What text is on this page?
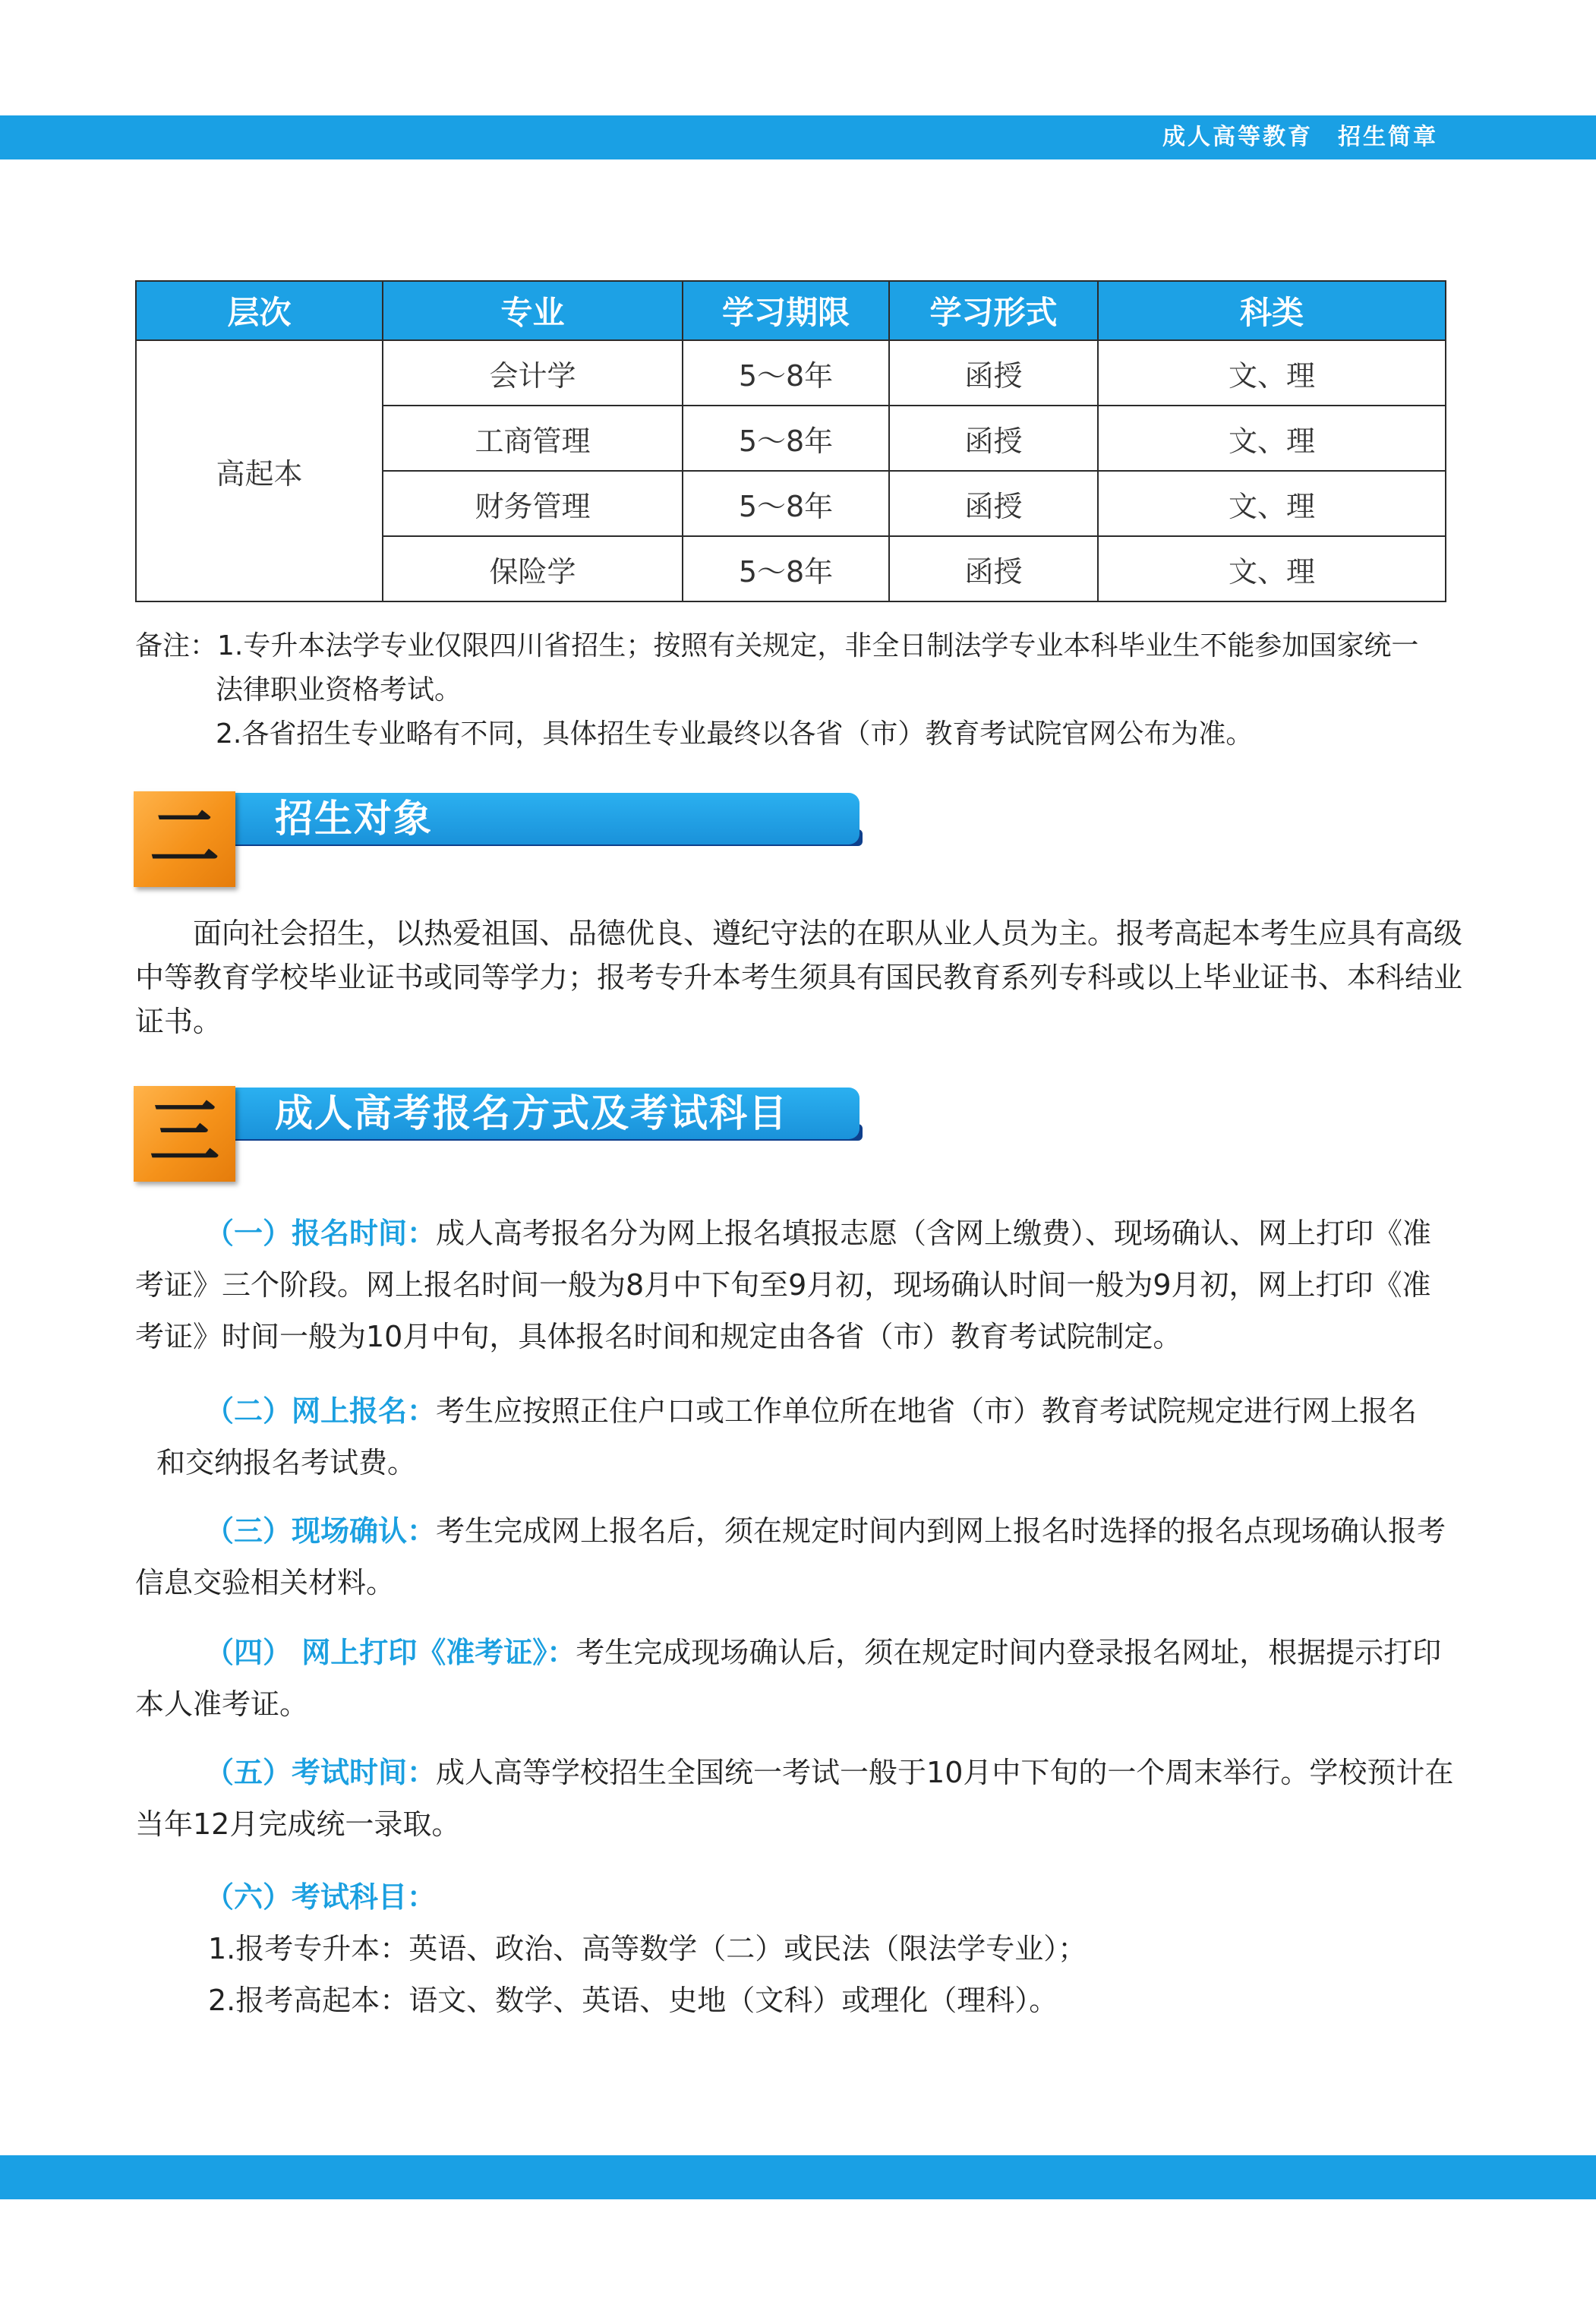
成人高等教育　招生简章
层次	专业	学习期限	学习形式	科类
高起本	会计学	5～8年	函授	文、理
	工商管理	5～8年	函授	文、理
	财务管理	5～8年	函授	文、理
	保险学	5～8年	函授	文、理
备注：1.专升本法学专业仅限四川省招生；按照有关规定，非全日制法学专业本科毕业生不能参加国家统一
法律职业资格考试。
2.各省招生专业略有不同，具体招生专业最终以各省（市）教育考试院官网公布为准。
招生对象
二
面向社会招生，以热爱祖国、品德优良、遵纪守法的在职从业人员为主。报考高起本考生应具有高级中等教育学校毕业证书或同等学力；报考专升本考生须具有国民教育系列专科或以上毕业证书、本科结业证书。
成人高考报名方式及考试科目
三
（一）报名时间：成人高考报名分为网上报名填报志愿（含网上缴费）、现场确认、网上打印《准考证》三个阶段。网上报名时间一般为8月中下旬至9月初，现场确认时间一般为9月初，网上打印《准考证》时间一般为10月中旬，具体报名时间和规定由各省（市）教育考试院制定。
（二）网上报名：考生应按照正住户口或工作单位所在地省（市）教育考试院规定进行网上报名
和交纳报名考试费。
（三）现场确认：考生完成网上报名后，须在规定时间内到网上报名时选择的报名点现场确认报考信息交验相关材料。
（四） 网上打印《准考证》：考生完成现场确认后，须在规定时间内登录报名网址，根据提示打印本人准考证。
（五）考试时间：成人高等学校招生全国统一考试一般于10月中下旬的一个周末举行。学校预计在当年12月完成统一录取。
（六）考试科目：
1.报考专升本：英语、政治、高等数学（二）或民法（限法学专业）；
2.报考高起本：语文、数学、英语、史地（文科）或理化（理科）。
